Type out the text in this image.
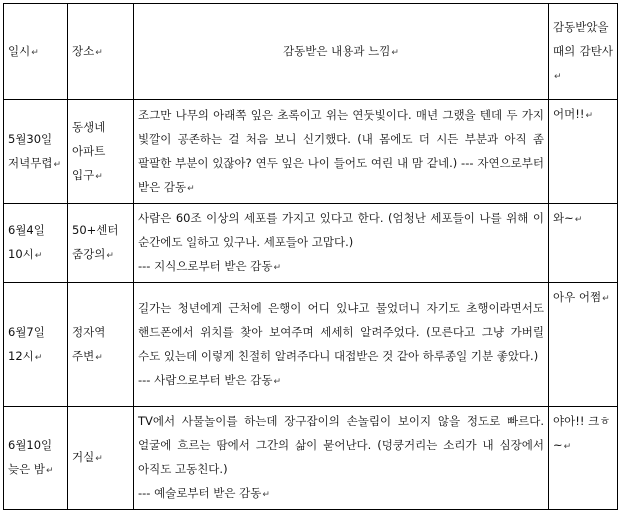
일시↵	장소↵	감동받은 내용과 느낌↵	감동받았을 때의 감탄사↵
5월30일 저녁무렵↵	동생네 아파트 입구↵	조그만 나무의 아래쪽 잎은 초록이고 위는 연둣빛이다. 매년 그랬을 텐데 두 가지 빛깔이 공존하는 걸 처음 보니 신기했다. (내 몸에도 더 시든 부분과 아직 좀 팔팔한 부분이 있잖아? 연두 잎은 나이 들어도 여린 내 맘 같네.) --- 자연으로부터 받은 감동↵	어머!!↵
6월4일 10시↵	50+센터 줌강의↵	사람은 60조 이상의 세포를 가지고 있다고 한다. (엄청난 세포들이 나를 위해 이 순간에도 일하고 있구나. 세포들아 고맙다.)
--- 지식으로부터 받은 감동↵	와~↵
6월7일 12시↵	정자역 주변↵	길가는 청년에게 근처에 은행이 어디 있냐고 물었더니 자기도 초행이라면서도 핸드폰에서 위치를 찾아 보여주며 세세히 알려주었다. (모른다고 그냥 가버릴 수도 있는데 이렇게 친절히 알려주다니 대접받은 것 같아 하루종일 기분 좋았다.)
--- 사람으로부터 받은 감동↵	아우 어쩜↵
6월10일 늦은 밤↵	거실↵	TV에서 사물놀이를 하는데 장구잡이의 손놀림이 보이지 않을 정도로 빠르다. 얼굴에 흐르는 땀에서 그간의 삶이 묻어난다. (덩쿵거리는 소리가 내 심장에서 아직도 고동친다.)
--- 예술로부터 받은 감동↵	야아!! 크ㅎ~↵
